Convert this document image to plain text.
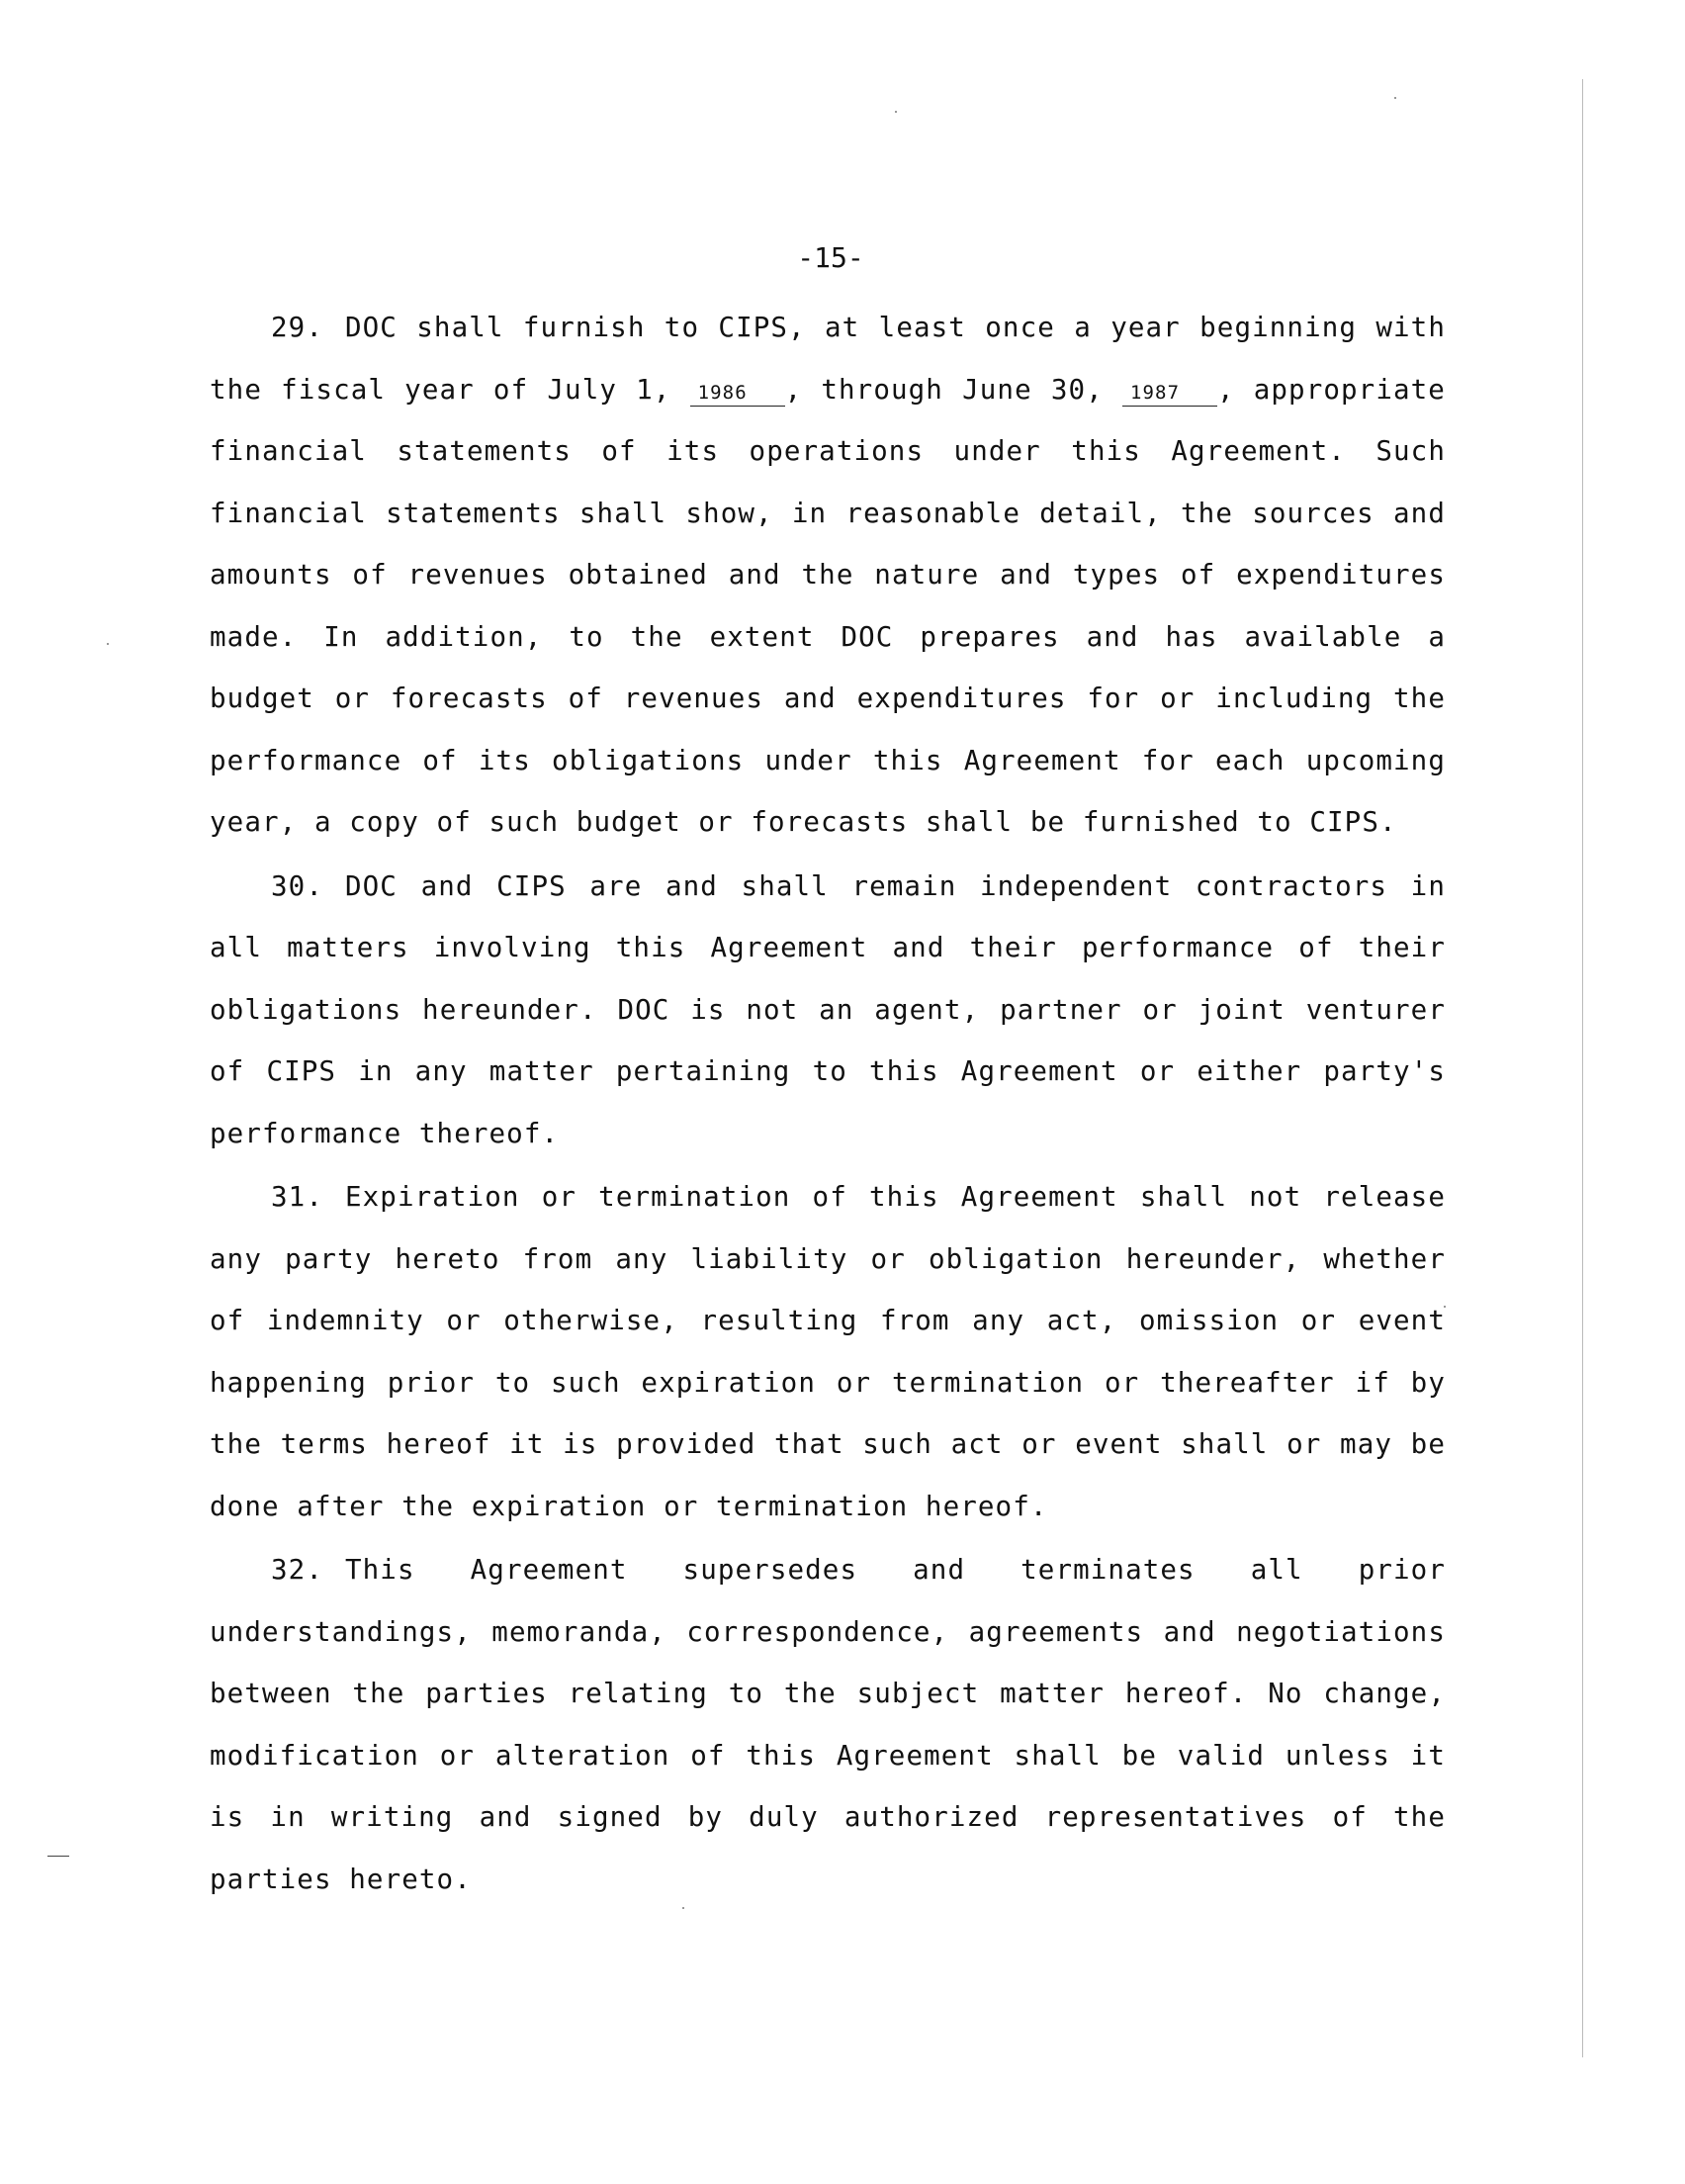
-15-

29. DOC shall furnish to CIPS, at least once a year beginning with the fiscal year of July 1, 1986 , through June 30, 1987 , appropriate financial statements of its operations under this Agreement. Such financial statements shall show, in reasonable detail, the sources and amounts of revenues obtained and the nature and types of expenditures made. In addition, to the extent DOC prepares and has available a budget or forecasts of revenues and expenditures for or including the performance of its obligations under this Agreement for each upcoming year, a copy of such budget or forecasts shall be furnished to CIPS.

30. DOC and CIPS are and shall remain independent contractors in all matters involving this Agreement and their performance of their obligations hereunder. DOC is not an agent, partner or joint venturer of CIPS in any matter pertaining to this Agreement or either party's performance thereof.

31. Expiration or termination of this Agreement shall not release any party hereto from any liability or obligation hereunder, whether of indemnity or otherwise, resulting from any act, omission or event happening prior to such expiration or termination or thereafter if by the terms hereof it is provided that such act or event shall or may be done after the expiration or termination hereof.

32. This Agreement supersedes and terminates all prior understandings, memoranda, correspondence, agreements and negotiations between the parties relating to the subject matter hereof. No change, modification or alteration of this Agreement shall be valid unless it is in writing and signed by duly authorized representatives of the parties hereto.
